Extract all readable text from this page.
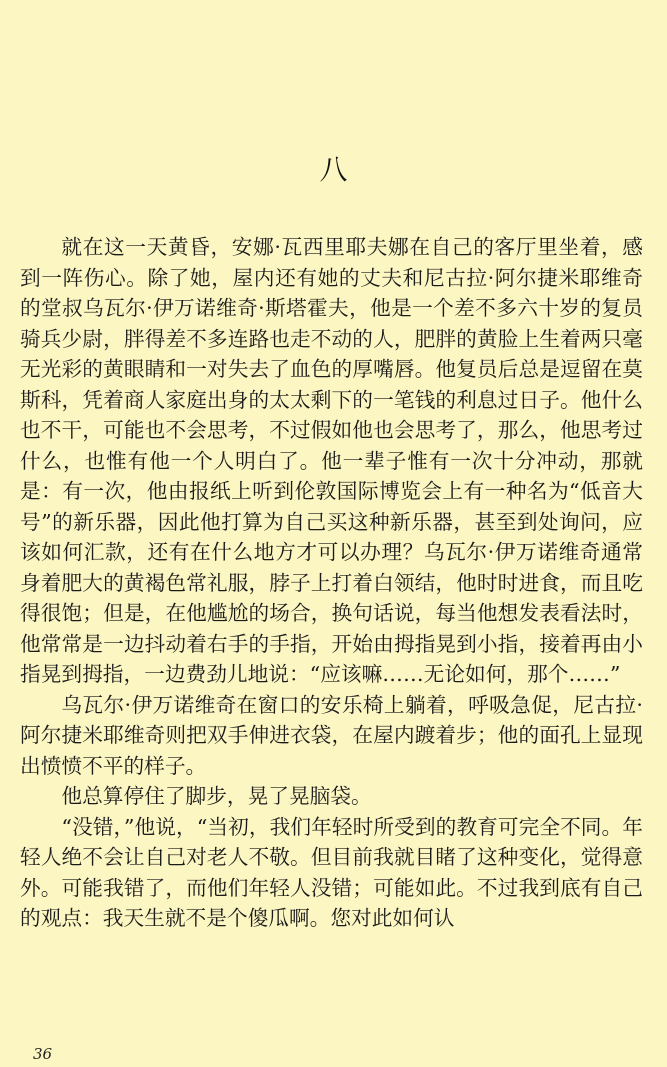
八

就在这一天黄昏，安娜·瓦西里耶夫娜在自己的客厅里坐着，感到一阵伤心。除了她，屋内还有她的丈夫和尼古拉·阿尔捷米耶维奇的堂叔乌瓦尔·伊万诺维奇·斯塔霍夫，他是一个差不多六十岁的复员骑兵少尉，胖得差不多连路也走不动的人，肥胖的黄脸上生着两只毫无光彩的黄眼睛和一对失去了血色的厚嘴唇。他复员后总是逗留在莫斯科，凭着商人家庭出身的太太剩下的一笔钱的利息过日子。他什么也不干，可能也不会思考，不过假如他也会思考了，那么，他思考过什么，也惟有他一个人明白了。他一辈子惟有一次十分冲动，那就是：有一次，他由报纸上听到伦敦国际博览会上有一种名为“低音大号”的新乐器，因此他打算为自己买这种新乐器，甚至到处询问，应该如何汇款，还有在什么地方才可以办理？乌瓦尔·伊万诺维奇通常身着肥大的黄褐色常礼服，脖子上打着白领结，他时时进食，而且吃得很饱；但是，在他尴尬的场合，换句话说，每当他想发表看法时，他常常是一边抖动着右手的手指，开始由拇指晃到小指，接着再由小指晃到拇指，一边费劲儿地说：“应该嘛……无论如何，那个……”

乌瓦尔·伊万诺维奇在窗口的安乐椅上躺着，呼吸急促，尼古拉·阿尔捷米耶维奇则把双手伸进衣袋，在屋内踱着步；他的面孔上显现出愤愤不平的样子。

他总算停住了脚步，晃了晃脑袋。

“没错，”他说，“当初，我们年轻时所受到的教育可完全不同。年轻人绝不会让自己对老人不敬。但目前我就目睹了这种变化，觉得意外。可能我错了，而他们年轻人没错；可能如此。不过我到底有自己的观点：我天生就不是个傻瓜啊。您对此如何认

36
